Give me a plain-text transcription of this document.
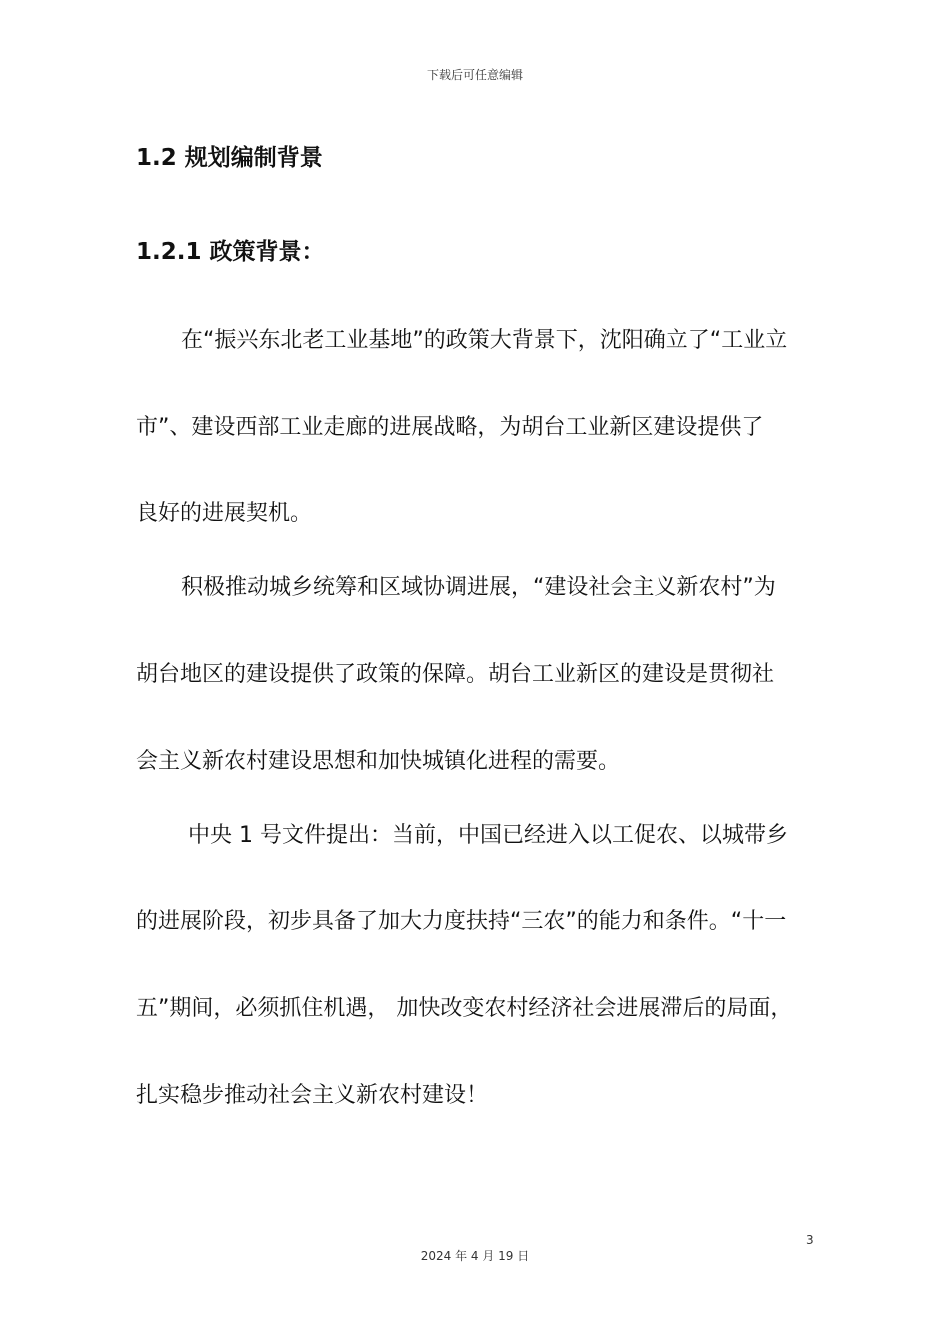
下载后可任意编辑
1.2 规划编制背景
1.2.1 政策背景：
在“振兴东北老工业基地”的政策大背景下，沈阳确立了“工业立
市”、建设西部工业走廊的进展战略，为胡台工业新区建设提供了
良好的进展契机。
积极推动城乡统筹和区域协调进展，“建设社会主义新农村”为
胡台地区的建设提供了政策的保障。胡台工业新区的建设是贯彻社
会主义新农村建设思想和加快城镇化进程的需要。
中央 1 号文件提出：当前，中国已经进入以工促农、以城带乡
的进展阶段，初步具备了加大力度扶持“三农”的能力和条件。“十一
五”期间，必须抓住机遇， 加快改变农村经济社会进展滞后的局面，
扎实稳步推动社会主义新农村建设！
3
2024 年 4 月 19 日
